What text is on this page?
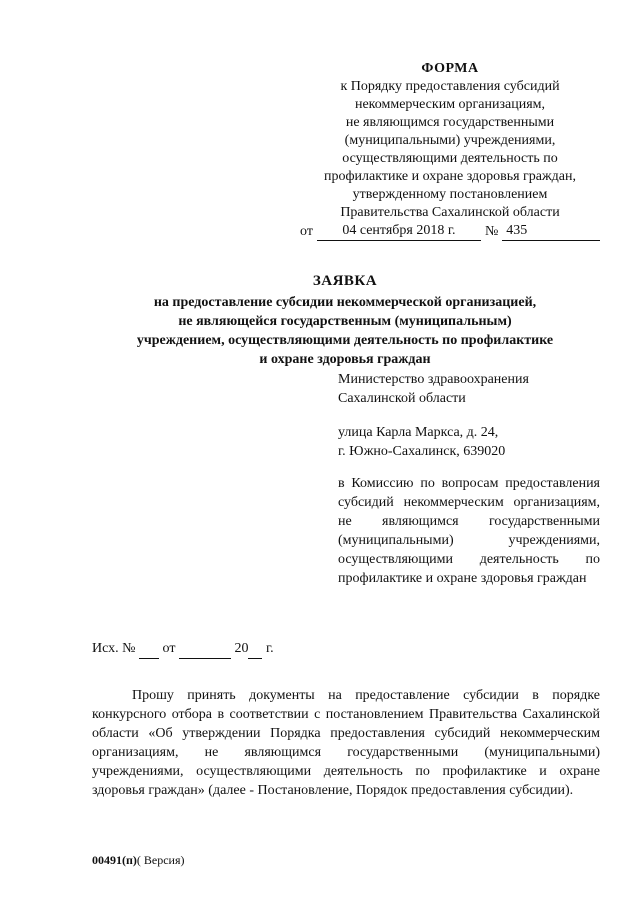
ФОРМА
к Порядку предоставления субсидий
некоммерческим организациям,
не являющимся государственными
(муниципальными) учреждениями,
осуществляющими деятельность по
профилактике и охране здоровья граждан,
утвержденному постановлением
Правительства Сахалинской области
от	04 сентября 2018 г.	№ 435
ЗАЯВКА
на предоставление субсидии некоммерческой организацией,
не являющейся государственным (муниципальным)
учреждением, осуществляющими деятельность по профилактике
и охране здоровья граждан
Министерство здравоохранения
Сахалинской области
улица Карла Маркса, д. 24,
г. Южно-Сахалинск, 639020
в Комиссию по вопросам предоставления субсидий некоммерческим организациям, не являющимся государственными (муниципальными) учреждениями, осуществляющими деятельность по профилактике и охране здоровья граждан
Исх. № от	20 г.
Прошу принять документы на предоставление субсидии в порядке конкурсного отбора в соответствии с постановлением Правительства Сахалинской области «Об утверждении Порядка предоставления субсидий некоммерческим организациям, не являющимся государственными (муниципальными) учреждениями, осуществляющими деятельность по профилактике и охране здоровья граждан» (далее - Постановление, Порядок предоставления субсидии).
00491(п)( Версия)
